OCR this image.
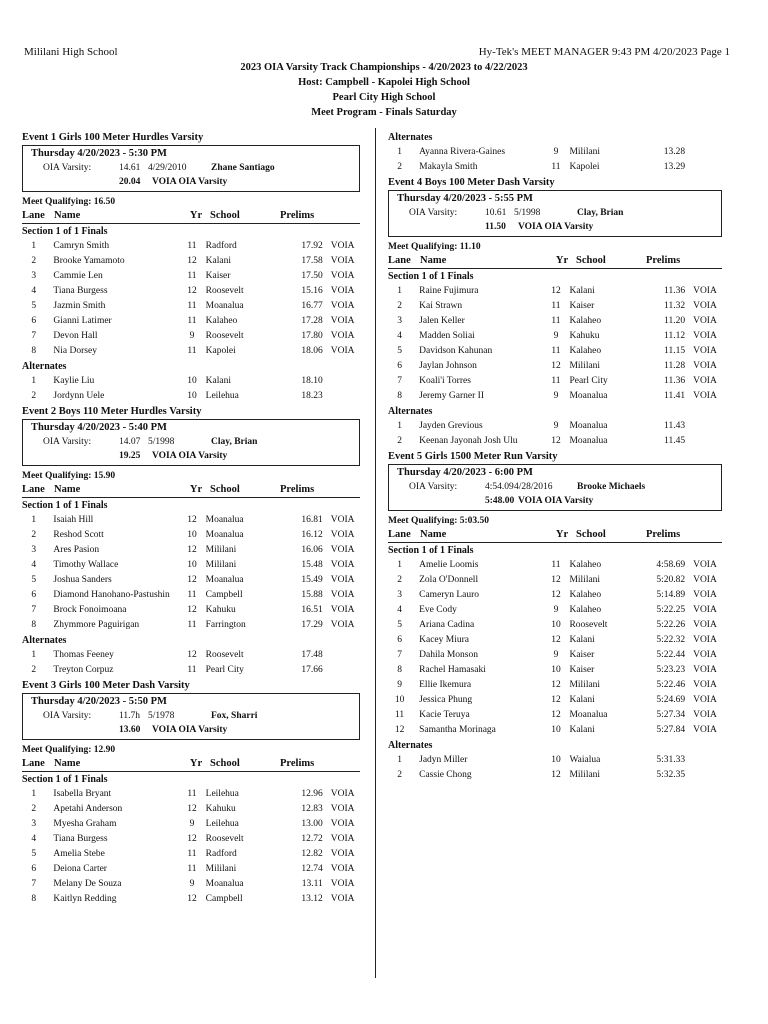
Mililani High School	Hy-Tek's MEET MANAGER 9:43 PM 4/20/2023 Page 1
2023 OIA Varsity Track Championships - 4/20/2023 to 4/22/2023
Host: Campbell - Kapolei High School
Pearl City High School
Meet Program - Finals Saturday
Event 1 Girls 100 Meter Hurdles Varsity
Thursday 4/20/2023 - 5:30 PM
OIA Varsity:	14.61 4/29/2010	Zhane Santiago
20.04 VOIA OIA Varsity
Meet Qualifying: 16.50
Lane Name	Yr School	Prelims
Section 1 of 1 Finals
1	Camryn Smith	11 Radford	17.92 VOIA
2	Brooke Yamamoto	12 Kalani	17.58 VOIA
3	Cammie Len	11 Kaiser	17.50 VOIA
4	Tiana Burgess	12 Roosevelt	15.16 VOIA
5	Jazmin Smith	11 Moanalua	16.77 VOIA
6	Gianni Latimer	11 Kalaheo	17.28 VOIA
7	Devon Hall	9	Roosevelt	17.80 VOIA
8	Nia Dorsey	11 Kapolei	18.06 VOIA
Alternates
1	Kaylie Liu	10 Kalani	18.10
2	Jordynn Uele	10 Leilehua	18.23
Event 2 Boys 110 Meter Hurdles Varsity
Thursday 4/20/2023 - 5:40 PM
OIA Varsity:	14.07 5/1998	Clay, Brian
19.25 VOIA OIA Varsity
Meet Qualifying: 15.90
Lane Name	Yr School	Prelims
Section 1 of 1 Finals
1	Isaiah Hill	12 Moanalua	16.81 VOIA
2	Reshod Scott	10 Moanalua	16.12 VOIA
3	Ares Pasion	12 Mililani	16.06 VOIA
4	Timothy Wallace	10 Mililani	15.48 VOIA
5	Joshua Sanders	12 Moanalua	15.49 VOIA
6	Diamond Hanohano-Pastushin	11 Campbell	15.88 VOIA
7	Brock Fonoimoana	12 Kahuku	16.51 VOIA
8	Zhymmore Paguirigan	11 Farrington	17.29 VOIA
Alternates
1	Thomas Feeney	12 Roosevelt	17.48
2	Treyton Corpuz	11 Pearl City	17.66
Event 3 Girls 100 Meter Dash Varsity
Thursday 4/20/2023 - 5:50 PM
OIA Varsity:	11.7h 5/1978	Fox, Sharri
13.60 VOIA OIA Varsity
Meet Qualifying: 12.90
Lane Name	Yr School	Prelims
Section 1 of 1 Finals
1	Isabella Bryant	11 Leilehua	12.96 VOIA
2	Apetahi Anderson	12 Kahuku	12.83 VOIA
3	Myesha Graham	9	Leilehua	13.00 VOIA
4	Tiana Burgess	12 Roosevelt	12.72 VOIA
5	Amelia Stebe	11 Radford	12.82 VOIA
6	Deiona Carter	11 Mililani	12.74 VOIA
7	Melany De Souza	9	Moanalua	13.11 VOIA
8	Kaitlyn Redding	12 Campbell	13.12 VOIA
Alternates
1	Ayanna Rivera-Gaines	9	Mililani	13.28
2	Makayla Smith	11 Kapolei	13.29
Event 4 Boys 100 Meter Dash Varsity
Thursday 4/20/2023 - 5:55 PM
OIA Varsity:	10.61 5/1998	Clay, Brian
11.50 VOIA OIA Varsity
Meet Qualifying: 11.10
Lane Name	Yr School	Prelims
Section 1 of 1 Finals
1	Raine Fujimura	12 Kalani	11.36 VOIA
2	Kai Strawn	11 Kaiser	11.32 VOIA
3	Jalen Keller	11 Kalaheo	11.20 VOIA
4	Madden Soliai	9	Kahuku	11.12 VOIA
5	Davidson Kahunan	11 Kalaheo	11.15 VOIA
6	Jaylan Johnson	12 Mililani	11.28 VOIA
7	Koali'i Torres	11 Pearl City	11.36 VOIA
8	Jeremy Garner II	9	Moanalua	11.41 VOIA
Alternates
1	Jayden Grevious	9	Moanalua	11.43
2	Keenan Jayonah Josh Ulu	12 Moanalua	11.45
Event 5 Girls 1500 Meter Run Varsity
Thursday 4/20/2023 - 6:00 PM
OIA Varsity:	4:54.09 4/28/2016	Brooke Michaels
5:48.00 VOIA OIA Varsity
Meet Qualifying: 5:03.50
Lane Name	Yr School	Prelims
Section 1 of 1 Finals
1	Amelie Loomis	11 Kalaheo	4:58.69 VOIA
2	Zola O'Donnell	12 Mililani	5:20.82 VOIA
3	Cameryn Lauro	12 Kalaheo	5:14.89 VOIA
4	Eve Cody	9	Kalaheo	5:22.25 VOIA
5	Ariana Cadina	10 Roosevelt	5:22.26 VOIA
6	Kacey Miura	12 Kalani	5:22.32 VOIA
7	Dahila Monson	9	Kaiser	5:22.44 VOIA
8	Rachel Hamasaki	10 Kaiser	5:23.23 VOIA
9	Ellie Ikemura	12 Mililani	5:22.46 VOIA
10	Jessica Phung	12 Kalani	5:24.69 VOIA
11	Kacie Teruya	12 Moanalua	5:27.34 VOIA
12	Samantha Morinaga	10 Kalani	5:27.84 VOIA
Alternates
1	Jadyn Miller	10 Waialua	5:31.33
2	Cassie Chong	12 Mililani	5:32.35
